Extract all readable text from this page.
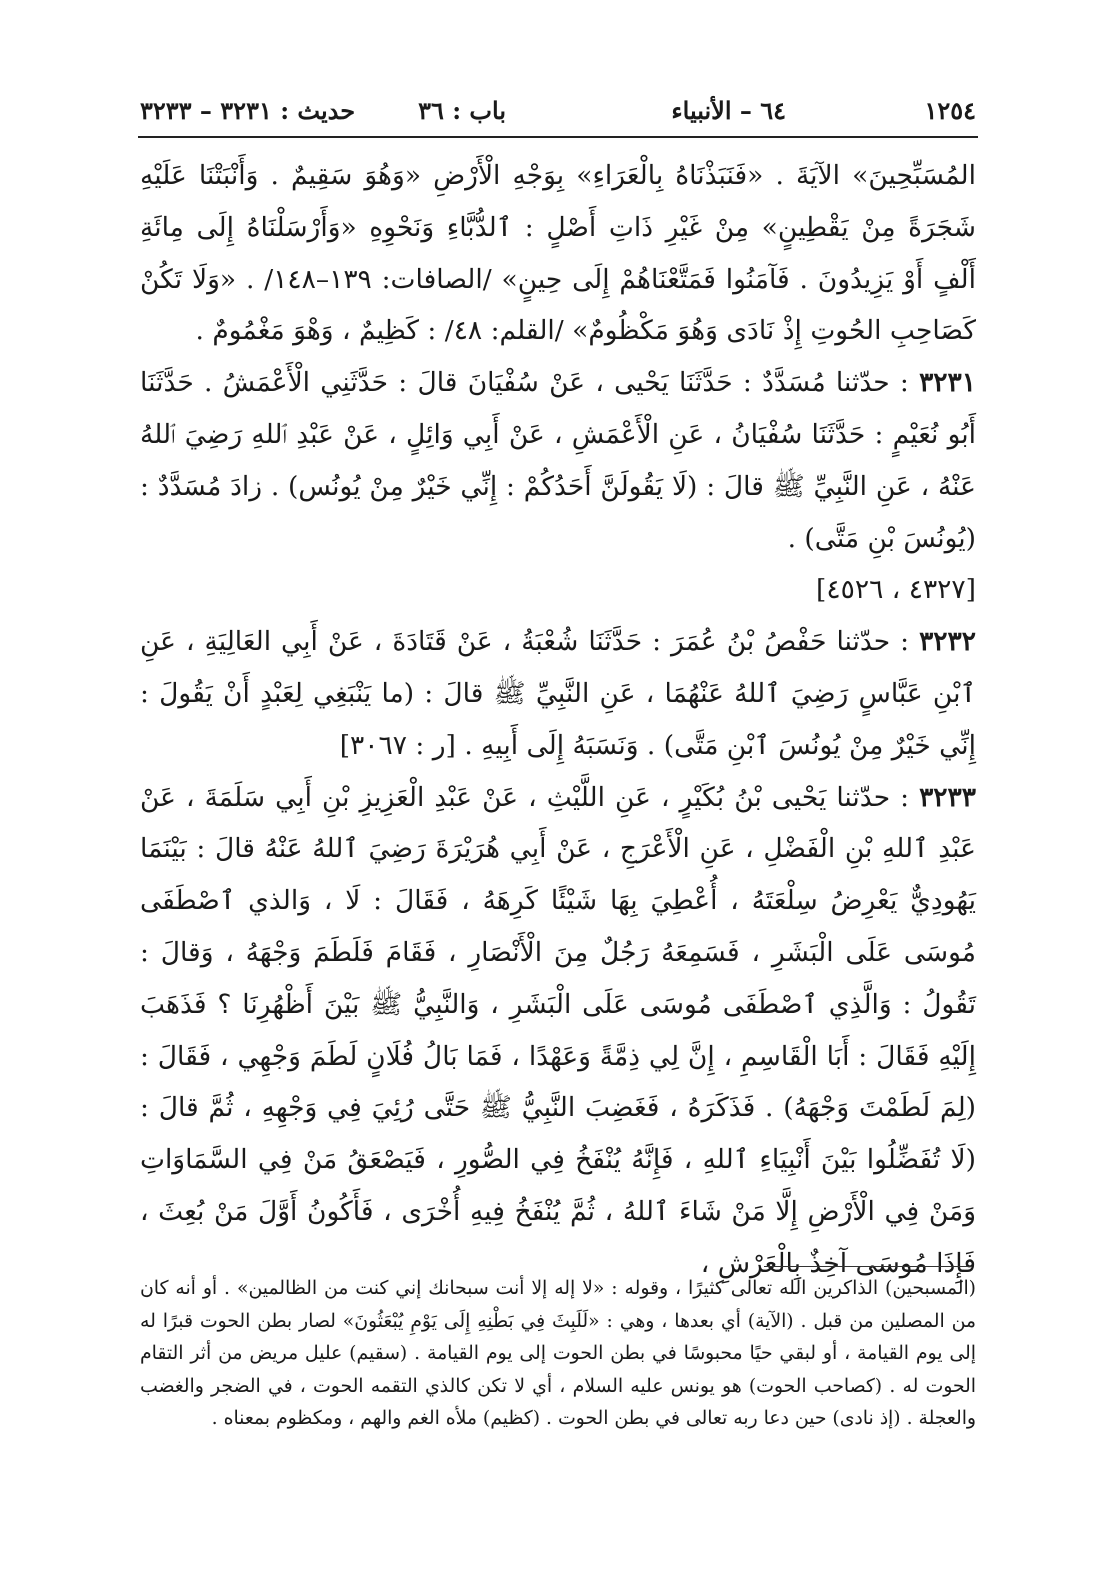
١٢٥٤
٦٤ – الأنبياء
باب : ٣٦
حديث : ٣٢٣١ – ٣٢٣٣

المُسَبِّحِينَ» الآيَةَ . «فَنَبَذْنَاهُ بِالْعَرَاءِ» بِوَجْهِ الْأَرْضِ «وَهُوَ سَقِيمٌ . وَأَنْبَتْنَا عَلَيْهِ شَجَرَةً مِنْ يَقْطِينٍ» مِنْ غَيْرِ ذَاتِ أَصْلٍ : ٱلدُّبَّاءِ وَنَحْوِهِ «وَأَرْسَلْنَاهُ إِلَى مِائَةِ أَلْفٍ أَوْ يَزِيدُونَ . فَآمَنُوا فَمَتَّعْنَاهُمْ إِلَى حِينٍ» /الصافات: ١٣٩–١٤٨/ . «وَلَا تَكُنْ كَصَاحِبِ الحُوتِ إِذْ نَادَى وَهُوَ مَكْظُومٌ» /القلم: ٤٨/ : كَظِيمٌ ، وَهْوَ مَغْمُومٌ .

٣٢٣١ : حدّثنا مُسَدَّدٌ : حَدَّثَنَا يَحْيى ، عَنْ سُفْيَانَ قالَ : حَدَّثَنِي الْأَعْمَشُ . حَدَّثَنَا أَبُو نُعَيْمٍ : حَدَّثَنَا سُفْيَانُ ، عَنِ الْأَعْمَشِ ، عَنْ أَبِي وَائِلٍ ، عَنْ عَبْدِ ٱللهِ رَضِيَ ٱللهُ عَنْهُ ، عَنِ النَّبِيِّ ﷺ قالَ : (لَا يَقُولَنَّ أَحَدُكُمْ : إِنِّي خَيْرٌ مِنْ يُونُس) . زادَ مُسَدَّدٌ : (يُونُسَ بْنِ مَتَّى) .
[٤٣٢٧ ، ٤٥٢٦]

٣٢٣٢ : حدّثنا حَفْصُ بْنُ عُمَرَ : حَدَّثَنَا شُعْبَةُ ، عَنْ قَتَادَةَ ، عَنْ أَبِي العَالِيَةِ ، عَنِ ٱبْنِ عَبَّاسٍ رَضِيَ ٱللهُ عَنْهُمَا ، عَنِ النَّبِيِّ ﷺ قالَ : (ما يَنْبَغِي لِعَبْدٍ أَنْ يَقُولَ : إِنِّي خَيْرٌ مِنْ يُونُسَ ٱبْنِ مَتَّى) . وَنَسَبَهُ إِلَى أَبِيهِ . [ر : ٣٠٦٧]

٣٢٣٣ : حدّثنا يَحْيى بْنُ بُكَيْرٍ ، عَنِ اللَّيْثِ ، عَنْ عَبْدِ الْعَزِيزِ بْنِ أَبِي سَلَمَةَ ، عَنْ عَبْدِ ٱللهِ بْنِ الْفَضْلِ ، عَنِ الْأَعْرَجِ ، عَنْ أَبِي هُرَيْرَةَ رَضِيَ ٱللهُ عَنْهُ قالَ : بَيْنَمَا يَهُودِيٌّ يَعْرِضُ سِلْعَتَهُ ، أُعْطِيَ بِهَا شَيْئًا كَرِهَهُ ، فَقَالَ : لَا ، وَالذي ٱصْطَفَى مُوسَى عَلَى الْبَشَرِ ، فَسَمِعَهُ رَجُلٌ مِنَ الْأَنْصَارِ ، فَقَامَ فَلَطَمَ وَجْهَهُ ، وَقالَ : تَقُولُ : وَالَّذِي ٱصْطَفَى مُوسَى عَلَى الْبَشَرِ ، وَالنَّبِيُّ ﷺ بَيْنَ أَظْهُرِنَا ؟ فَذَهَبَ إِلَيْهِ فَقَالَ : أَبَا الْقَاسِمِ ، إِنَّ لِي ذِمَّةً وَعَهْدًا ، فَمَا بَالُ فُلَانٍ لَطَمَ وَجْهِي ، فَقَالَ : (لِمَ لَطَمْتَ وَجْهَهُ) . فَذَكَرَهُ ، فَغَضِبَ النَّبِيُّ ﷺ حَتَّى رُئِيَ فِي وَجْهِهِ ، ثُمَّ قالَ : (لَا تُفَضِّلُوا بَيْنَ أَنْبِيَاءِ ٱللهِ ، فَإِنَّهُ يُنْفَخُ فِي الصُّورِ ، فَيَصْعَقُ مَنْ فِي السَّمَاوَاتِ وَمَنْ فِي الْأَرْضِ إِلَّا مَنْ شَاءَ ٱللهُ ، ثُمَّ يُنْفَخُ فِيهِ أُخْرَى ، فَأَكُونُ أَوَّلَ مَنْ بُعِثَ ، فَإِذَا مُوسَى آخِذٌ بِالْعَرْشِ ،

(المسبحين) الذاكرين الله تعالى كثيرًا ، وقوله : «لا إله إلا أنت سبحانك إني كنت من الظالمين» . أو أنه كان من المصلين من قبل . (الآية) أي بعدها ، وهي : «لَلَبِثَ فِي بَطْنِهِ إِلَى يَوْمِ يُبْعَثُونَ» لصار بطن الحوت قبرًا له إلى يوم القيامة ، أو لبقي حيًا محبوسًا في بطن الحوت إلى يوم القيامة . (سقيم) عليل مريض من أثر التقام الحوت له . (كصاحب الحوت) هو يونس عليه السلام ، أي لا تكن كالذي التقمه الحوت ، في الضجر والغضب والعجلة . (إذ نادى) حين دعا ربه تعالى في بطن الحوت . (كظيم) ملأه الغم والهم ، ومكظوم بمعناه .
